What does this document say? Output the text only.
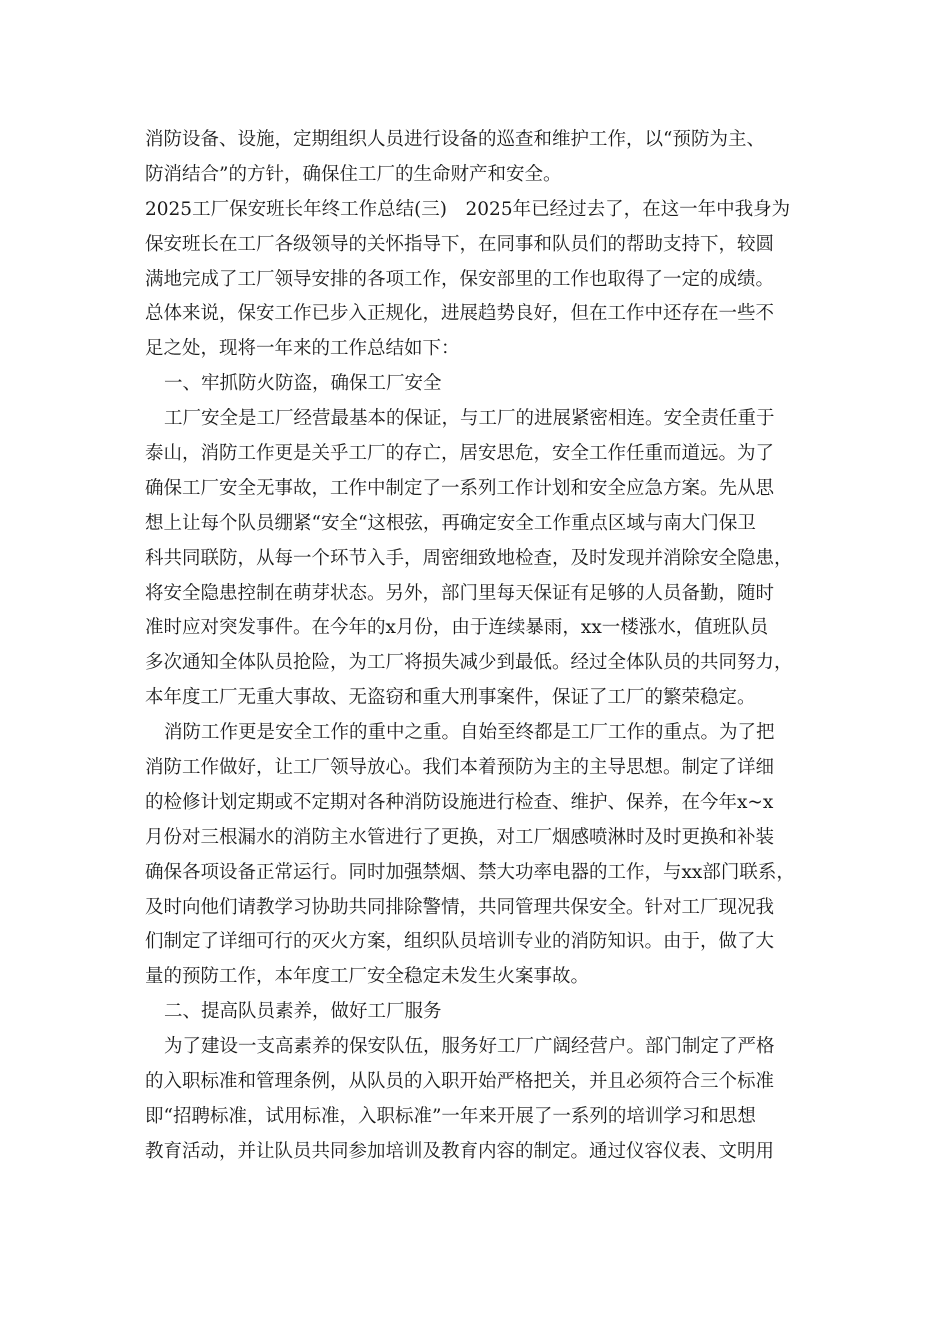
消防设备、设施，定期组织人员进行设备的巡查和维护工作，以“预防为主、
防消结合”的方针，确保住工厂的生命财产和安全。
2025工厂保安班长年终工作总结(三)　2025年已经过去了，在这一年中我身为
保安班长在工厂各级领导的关怀指导下，在同事和队员们的帮助支持下，较圆
满地完成了工厂领导安排的各项工作，保安部里的工作也取得了一定的成绩。
总体来说，保安工作已步入正规化，进展趋势良好，但在工作中还存在一些不
足之处，现将一年来的工作总结如下：
一、牢抓防火防盗，确保工厂安全
工厂安全是工厂经营最基本的保证，与工厂的进展紧密相连。安全责任重于
泰山，消防工作更是关乎工厂的存亡，居安思危，安全工作任重而道远。为了
确保工厂安全无事故，工作中制定了一系列工作计划和安全应急方案。先从思
想上让每个队员绷紧“安全“这根弦，再确定安全工作重点区域与南大门保卫
科共同联防，从每一个环节入手，周密细致地检查，及时发现并消除安全隐患，
将安全隐患控制在萌芽状态。另外，部门里每天保证有足够的人员备勤，随时
准时应对突发事件。在今年的x月份，由于连续暴雨，xx一楼涨水，值班队员
多次通知全体队员抢险，为工厂将损失减少到最低。经过全体队员的共同努力，
本年度工厂无重大事故、无盗窃和重大刑事案件，保证了工厂的繁荣稳定。
消防工作更是安全工作的重中之重。自始至终都是工厂工作的重点。为了把
消防工作做好，让工厂领导放心。我们本着预防为主的主导思想。制定了详细
的检修计划定期或不定期对各种消防设施进行检查、维护、保养，在今年x~x
月份对三根漏水的消防主水管进行了更换，对工厂烟感喷淋时及时更换和补装
确保各项设备正常运行。同时加强禁烟、禁大功率电器的工作，与xx部门联系，
及时向他们请教学习协助共同排除警情，共同管理共保安全。针对工厂现况我
们制定了详细可行的灭火方案，组织队员培训专业的消防知识。由于，做了大
量的预防工作，本年度工厂安全稳定未发生火案事故。
二、提高队员素养，做好工厂服务
为了建设一支高素养的保安队伍，服务好工厂广阔经营户。部门制定了严格
的入职标准和管理条例，从队员的入职开始严格把关，并且必须符合三个标准
即“招聘标准，试用标准，入职标准”一年来开展了一系列的培训学习和思想
教育活动，并让队员共同参加培训及教育内容的制定。通过仪容仪表、文明用
